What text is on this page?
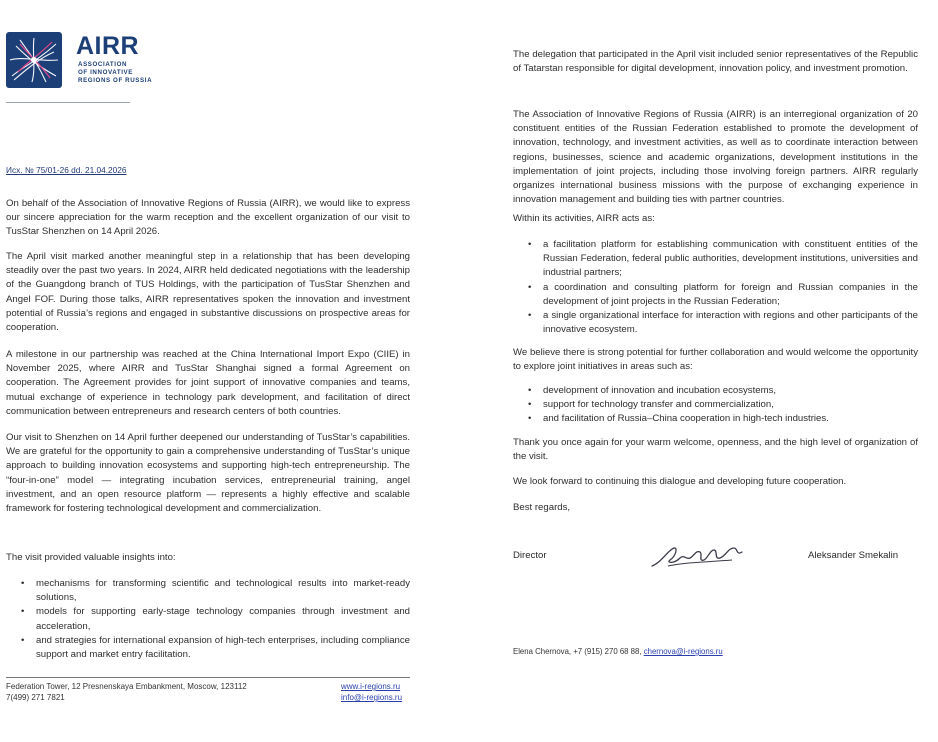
AIRR
ASSOCIATION
OF INNOVATIVE
REGIONS OF RUSSIA
Исх. № 75/01-26 dd. 21.04.2026

On behalf of the Association of Innovative Regions of Russia (AIRR), we would like to express our sincere appreciation for the warm reception and the excellent organization of our visit to TusStar Shenzhen on 14 April 2026.

The April visit marked another meaningful step in a relationship that has been developing steadily over the past two years. In 2024, AIRR held dedicated negotiations with the leadership of the Guangdong branch of TUS Holdings, with the participation of TusStar Shenzhen and Angel FOF. During those talks, AIRR representatives spoken the innovation and investment potential of Russia’s regions and engaged in substantive discussions on prospective areas for cooperation.

A milestone in our partnership was reached at the China International Import Expo (CIIE) in November 2025, where AIRR and TusStar Shanghai signed a formal Agreement on cooperation. The Agreement provides for joint support of innovative companies and teams, mutual exchange of experience in technology park development, and facilitation of direct communication between entrepreneurs and research centers of both countries.

Our visit to Shenzhen on 14 April further deepened our understanding of TusStar’s capabilities. We are grateful for the opportunity to gain a comprehensive understanding of TusStar’s unique approach to building innovation ecosystems and supporting high-tech entrepreneurship. The “four-in-one” model — integrating incubation services, entrepreneurial training, angel investment, and an open resource platform — represents a highly effective and scalable framework for fostering technological development and commercialization.

The visit provided valuable insights into:

• mechanisms for transforming scientific and technological results into market-ready solutions,
• models for supporting early-stage technology companies through investment and acceleration,
• and strategies for international expansion of high-tech enterprises, including compliance support and market entry facilitation.
Federation Tower, 12 Presnenskaya Embankment, Moscow, 123112
7(499) 271 7821
www.i-regions.ru
info@i-regions.ru

The delegation that participated in the April visit included senior representatives of the Republic of Tatarstan responsible for digital development, innovation policy, and investment promotion.

The Association of Innovative Regions of Russia (AIRR) is an interregional organization of 20 constituent entities of the Russian Federation established to promote the development of innovation, technology, and investment activities, as well as to coordinate interaction between regions, businesses, science and academic organizations, development institutions in the implementation of joint projects, including those involving foreign partners. AIRR regularly organizes international business missions with the purpose of exchanging experience in innovation management and building ties with partner countries.

Within its activities, AIRR acts as:

• a facilitation platform for establishing communication with constituent entities of the Russian Federation, federal public authorities, development institutions, universities and industrial partners;
• a coordination and consulting platform for foreign and Russian companies in the development of joint projects in the Russian Federation;
• a single organizational interface for interaction with regions and other participants of the innovative ecosystem.

We believe there is strong potential for further collaboration and would welcome the opportunity to explore joint initiatives in areas such as:

• development of innovation and incubation ecosystems,
• support for technology transfer and commercialization,
• and facilitation of Russia–China cooperation in high-tech industries.

Thank you once again for your warm welcome, openness, and the high level of organization of the visit.

We look forward to continuing this dialogue and developing future cooperation.

Best regards,

Director	Aleksander Smekalin
Elena Chernova, +7 (915) 270 68 88, chernova@i-regions.ru
